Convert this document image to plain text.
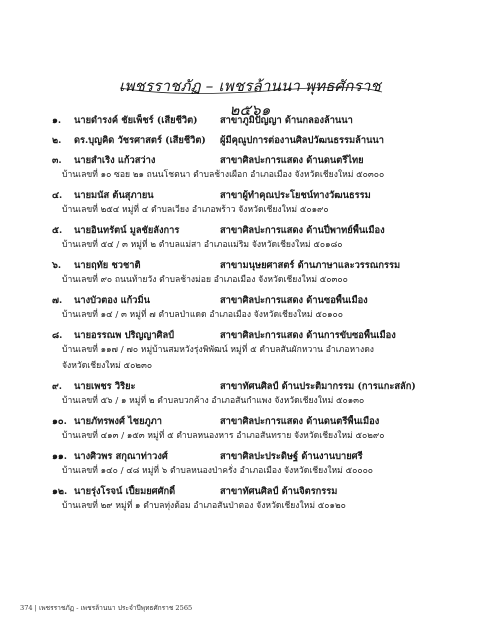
เพชรราชภัฏ – เพชรล้านนา พุทธศักราช ๒๕๖๑
๑.	นายดำรงค์ ชัยเพ็ชร์ (เสียชีวิต)	สาขาภูมิปัญญา ด้านกลองล้านนา
๒.	ดร.บุญคิด วัชรศาสตร์ (เสียชีวิต)	ผู้มีคุณูปการต่องานศิลปวัฒนธรรมล้านนา
๓.	นายสำเริง แก้วสว่าง	สาขาศิลปะการแสดง ด้านดนตรีไทย
บ้านเลขที่ ๑๐ ซอย ๒๑ ถนนโชตนา ตำบลช้างเผือก อำเภอเมือง จังหวัดเชียงใหม่ ๕๐๓๐๐
๔.	นายมนัส ต้นสุภายน	สาขาผู้ทำคุณประโยชน์ทางวัฒนธรรม
บ้านเลขที่ ๒๕๔ หมู่ที่ ๔ ตำบลเวียง อำเภอพร้าว จังหวัดเชียงใหม่ ๕๐๑๙๐
๕.	นายอินทรัตน์ มูลชัยลังการ	สาขาศิลปะการแสดง ด้านปี่พาทย์พื้นเมือง
บ้านเลขที่ ๕๔ / ๓ หมู่ที่ ๒ ตำบลแม่สา อำเภอแม่ริม จังหวัดเชียงใหม่ ๕๐๑๘๐
๖.	นายฤทัย ชวชาติ	สาขามนุษยศาสตร์ ด้านภาษาและวรรณกรรม
บ้านเลขที่ ๙๐ ถนนท้ายวัง ตำบลช้างม่อย อำเภอเมือง จังหวัดเชียงใหม่ ๕๐๓๐๐
๗.	นางบัวตอง แก้วมิ่น	สาขาศิลปะการแสดง ด้านซอพื้นเมือง
บ้านเลขที่ ๑๔ / ๓ หมู่ที่ ๗ ตำบลป่าแดด อำเภอเมือง จังหวัดเชียงใหม่ ๕๐๑๐๐
๘.	นายอรรณพ ปริญญาศิลป์	สาขาศิลปะการแสดง ด้านการขับซอพื้นเมือง
บ้านเลขที่ ๑๑๗ / ๗๐ หมู่บ้านสมหวังรุ่งพิพัฒน์ หมู่ที่ ๕ ตำบลสันผักหวาน อำเภอหางดง
จังหวัดเชียงใหม่ ๕๐๒๓๐
๙.	นายเพชร วิริยะ	สาขาทัศนศิลป์ ด้านประติมากรรม (การแกะสลัก)
บ้านเลขที่ ๕๖ / ๑ หมู่ที่ ๒ ตำบลบวกค้าง อำเภอสันกำแพง จังหวัดเชียงใหม่ ๕๐๑๓๐
๑๐. นายภัทรพงศ์ ไชยภูภา	สาขาศิลปะการแสดง ด้านดนตรีพื้นเมือง
บ้านเลขที่ ๔๑๓ / ๑๕๓ หมู่ที่ ๕ ตำบลหนองหาร อำเภอสันทราย จังหวัดเชียงใหม่ ๕๐๒๙๐
๑๑. นางศิวพร สกุณาท่าวงศ์	สาขาศิลปะประดิษฐ์ ด้านงานบายศรี
บ้านเลขที่ ๑๔๐ / ๔๘ หมู่ที่ ๖ ตำบลหนองป่าครั่ง อำเภอเมือง จังหวัดเชียงใหม่ ๕๐๐๐๐
๑๒. นายรุ่งโรจน์ เปี้ยมยศศักดิ์	สาขาทัศนศิลป์ ด้านจิตรกรรม
บ้านเลขที่ ๒๙ หมู่ที่ ๑ ตำบลทุ่งต้อม อำเภอสันป่าตอง จังหวัดเชียงใหม่ ๕๐๑๒๐
374 | เพชรราชภัฏ - เพชรล้านนา ประจำปีพุทธศักราช 2565
